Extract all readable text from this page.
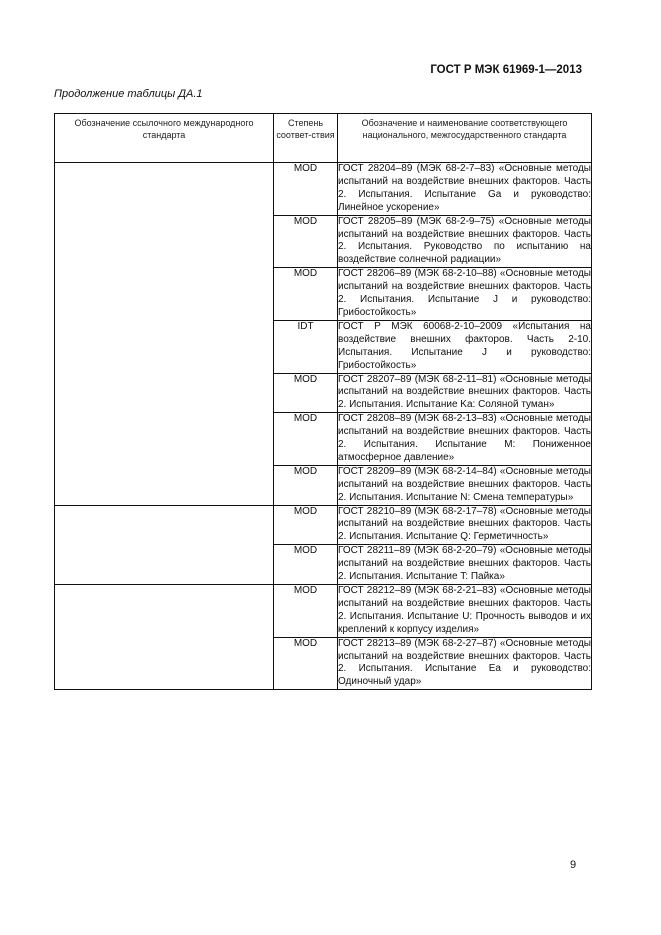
ГОСТ Р МЭК 61969-1—2013
Продолжение таблицы ДА.1
Обозначение ссылочного международного стандарта	Степень соответ-ствия	Обозначение и наименование соответствующего национального, межгосударственного стандарта
	MOD	ГОСТ 28204–89 (МЭК 68-2-7–83) «Основные методы испытаний на воздействие внешних факторов. Часть 2. Испытания. Испытание Ga и руководство: Линейное ускорение»
	MOD	ГОСТ 28205–89 (МЭК 68-2-9–75) «Основные методы испытаний на воздействие внешних факторов. Часть 2. Испытания. Руководство по испытанию на воздействие солнечной радиации»
	MOD	ГОСТ 28206–89 (МЭК 68-2-10–88) «Основные методы испытаний на воздействие внешних факторов. Часть 2. Испытания. Испытание J и руководство: Грибостойкость»
	IDT	ГОСТ Р МЭК 60068-2-10–2009 «Испытания на воздействие внешних факторов. Часть 2-10. Испытания. Испытание J и руководство: Грибостойкость»
	MOD	ГОСТ 28207–89 (МЭК 68-2-11–81) «Основные методы испытаний на воздействие внешних факторов. Часть 2. Испытания. Испытание Ka: Соляной туман»
	MOD	ГОСТ 28208–89 (МЭК 68-2-13–83) «Основные методы испытаний на воздействие внешних факторов. Часть 2. Испытания. Испытание M: Пониженное атмосферное давление»
	MOD	ГОСТ 28209–89 (МЭК 68-2-14–84) «Основные методы испытаний на воздействие внешних факторов. Часть 2. Испытания. Испытание N: Смена температуры»
	MOD	ГОСТ 28210–89 (МЭК 68-2-17–78) «Основные методы испытаний на воздействие внешних факторов. Часть 2. Испытания. Испытание Q: Герметичность»
	MOD	ГОСТ 28211–89 (МЭК 68-2-20–79) «Основные методы испытаний на воздействие внешних факторов. Часть 2. Испытания. Испытание T: Пайка»
	MOD	ГОСТ 28212–89 (МЭК 68-2-21–83) «Основные методы испытаний на воздействие внешних факторов. Часть 2. Испытания. Испытание U: Прочность выводов и их креплений к корпусу изделия»
	MOD	ГОСТ 28213–89 (МЭК 68-2-27–87) «Основные методы испытаний на воздействие внешних факторов. Часть 2. Испытания. Испытание Ea и руководство: Одиночный удар»
9
